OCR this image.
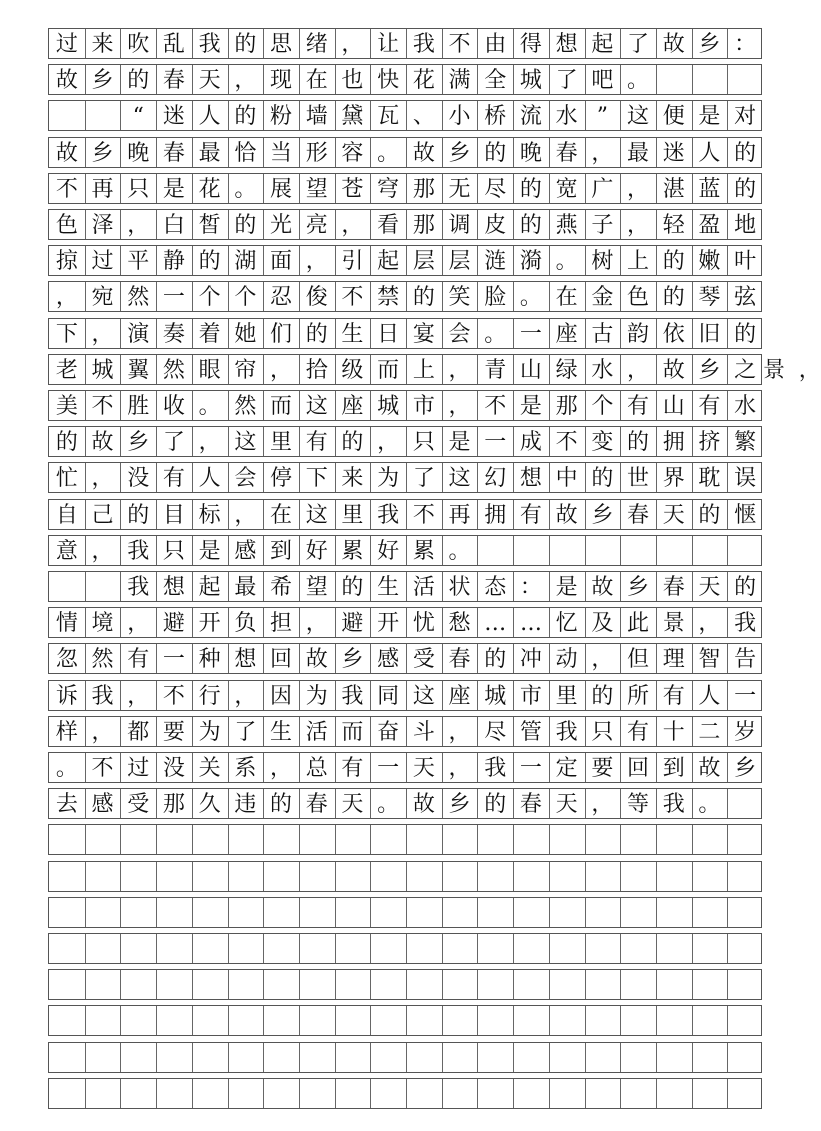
过 来 吹 乱 我 的 思 绪 ， 让 我 不 由 得 想 起 了 故 乡 ：
故 乡 的 春 天 ， 现 在 也 快 花 满 全 城 了 吧 。
“ 迷 人 的 粉 墙 黛 瓦 、 小 桥 流 水 ” 这 便 是 对
故 乡 晚 春 最 恰 当 形 容 。 故 乡 的 晚 春 ， 最 迷 人 的
不 再 只 是 花 。 展 望 苍 穹 那 无 尽 的 宽 广 ， 湛 蓝 的
色 泽 ， 白 皙 的 光 亮 ， 看 那 调 皮 的 燕 子 ， 轻 盈 地
掠 过 平 静 的 湖 面 ， 引 起 层 层 涟 漪 。 树 上 的 嫩 叶
， 宛 然 一 个 个 忍 俊 不 禁 的 笑 脸 。 在 金 色 的 琴 弦
下 ， 演 奏 着 她 们 的 生 日 宴 会 。 一 座 古 韵 依 旧 的
老 城 翼 然 眼 帘 ， 拾 级 而 上 ， 青 山 绿 水 ， 故 乡 之 景 ，
美 不 胜 收 。 然 而 这 座 城 市 ， 不 是 那 个 有 山 有 水
的 故 乡 了 ， 这 里 有 的 ， 只 是 一 成 不 变 的 拥 挤 繁
忙 ， 没 有 人 会 停 下 来 为 了 这 幻 想 中 的 世 界 耽 误
自 己 的 目 标 ， 在 这 里 我 不 再 拥 有 故 乡 春 天 的 惬
意 ， 我 只 是 感 到 好 累 好 累 。
我 想 起 最 希 望 的 生 活 状 态 ： 是 故 乡 春 天 的
情 境 ， 避 开 负 担 ， 避 开 忧 愁 … … 忆 及 此 景 ， 我
忽 然 有 一 种 想 回 故 乡 感 受 春 的 冲 动 ， 但 理 智 告
诉 我 ， 不 行 ， 因 为 我 同 这 座 城 市 里 的 所 有 人 一
样 ， 都 要 为 了 生 活 而 奋 斗 ， 尽 管 我 只 有 十 二 岁
。 不 过 没 关 系 ， 总 有 一 天 ， 我 一 定 要 回 到 故 乡
去 感 受 那 久 违 的 春 天 。 故 乡 的 春 天 ， 等 我 。
